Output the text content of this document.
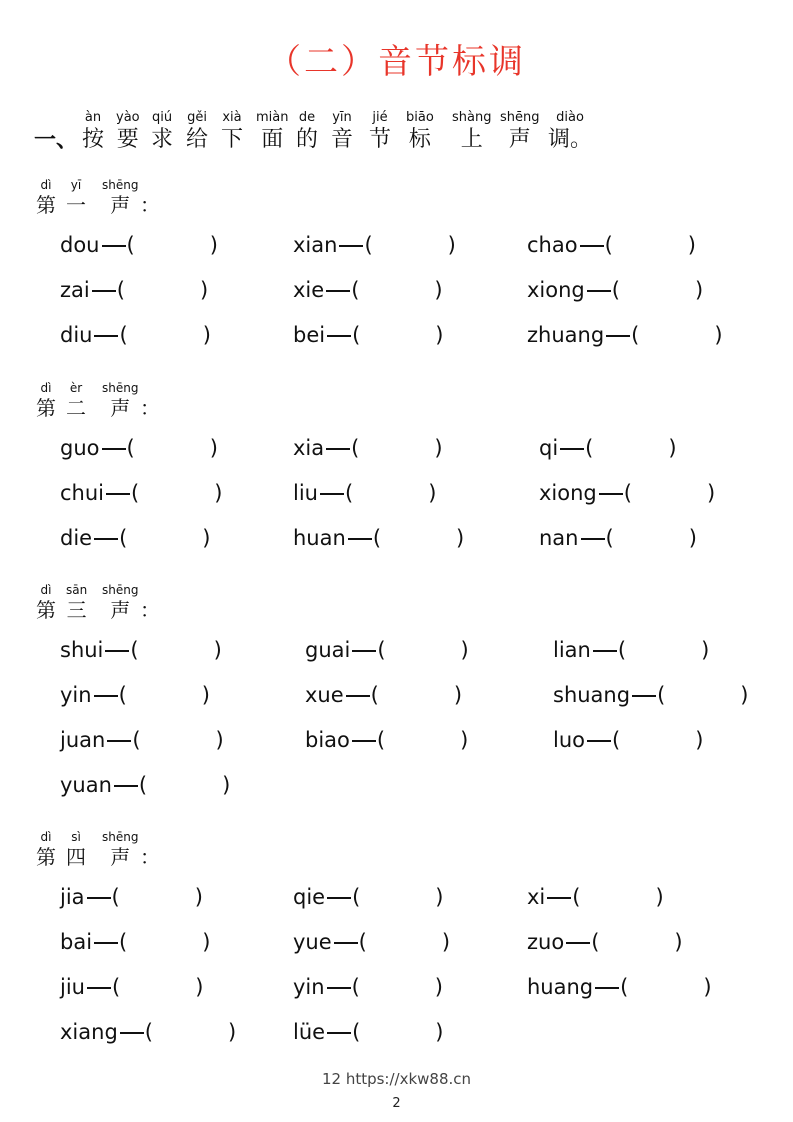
（二）音节标调
一、
àn
按
yào
要
qiú
求
gěi
给
xià
下
miàn
面
de
的
yīn
音
jié
节
biāo
标
shàng
上
shēng
声
diào
调。
dì
第
yī
一
shēng
声 ：
dou (	)	xian (	)	chao (	)
zai (	)	xie (	)	xiong (	)
diu (	)	bei (	)	zhuang (	)
dì
第
èr
二
shēng
声 ：
guo (	)	xia (	)	qi (	)
chui (	)	liu (	)	xiong (	)
die (	)	huan (	)	nan (	)
dì
第
sān
三
shēng
声 ：
shui (	)	guai (	)	lian (	)
yin (	)	xue (	)	shuang (	)
juan (	)	biao (	)	luo (	)
yuan (	)
dì
第
sì
四
shēng
声 ：
jia (	)	qie (	)	xi (	)
bai (	)	yue (	)	zuo (	)
jiu (	)	yin (	)	huang (	)
xiang (	)	lüe (	)
12 https://xkw88.cn
2
